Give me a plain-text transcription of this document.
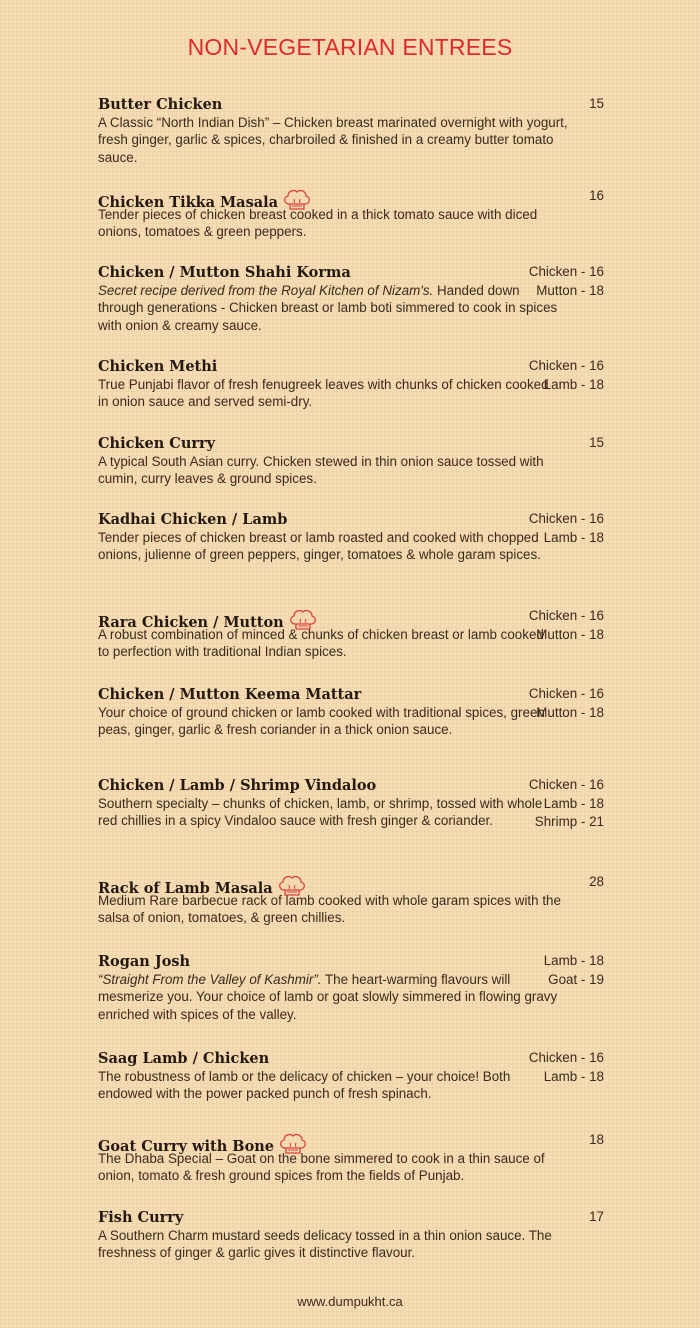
NON-VEGETARIAN ENTREES
Butter Chicken	15

A Classic “North Indian Dish” – Chicken breast marinated overnight with yogurt, fresh ginger, garlic & spices, charbroiled & finished in a creamy butter tomato sauce.

Chicken Tikka Masala	16

Tender pieces of chicken breast cooked in a thick tomato sauce with diced onions, tomatoes & green peppers.

Chicken / Mutton Shahi Korma	Chicken - 16
Mutton - 18

Secret recipe derived from the Royal Kitchen of Nizam's. Handed down through generations - Chicken breast or lamb boti simmered to cook in spices with onion & creamy sauce.

Chicken Methi	Chicken - 16
Lamb - 18

True Punjabi flavor of fresh fenugreek leaves with chunks of chicken cooked in onion sauce and served semi-dry.

Chicken Curry	15

A typical South Asian curry. Chicken stewed in thin onion sauce tossed with cumin, curry leaves & ground spices.

Kadhai Chicken / Lamb	Chicken - 16
Lamb - 18

Tender pieces of chicken breast or lamb roasted and cooked with chopped onions, julienne of green peppers, ginger, tomatoes & whole garam spices.

Rara Chicken / Mutton	Chicken - 16
Mutton - 18

A robust combination of minced & chunks of chicken breast or lamb cooked to perfection with traditional Indian spices.

Chicken / Mutton Keema Mattar	Chicken - 16
Mutton - 18

Your choice of ground chicken or lamb cooked with traditional spices, green peas, ginger, garlic & fresh coriander in a thick onion sauce.

Chicken / Lamb / Shrimp Vindaloo	Chicken - 16
Lamb - 18
Shrimp - 21

Southern specialty – chunks of chicken, lamb, or shrimp, tossed with whole red chillies in a spicy Vindaloo sauce with fresh ginger & coriander.

Rack of Lamb Masala	28

Medium Rare barbecue rack of lamb cooked with whole garam spices with the salsa of onion, tomatoes, & green chillies.

Rogan Josh	Lamb - 18
Goat - 19

“Straight From the Valley of Kashmir”. The heart-warming flavours will mesmerize you. Your choice of lamb or goat slowly simmered in flowing gravy enriched with spices of the valley.

Saag Lamb / Chicken	Chicken - 16
Lamb - 18

The robustness of lamb or the delicacy of chicken – your choice! Both endowed with the power packed punch of fresh spinach.

Goat Curry with Bone	18

The Dhaba Special – Goat on the bone simmered to cook in a thin sauce of onion, tomato & fresh ground spices from the fields of Punjab.

Fish Curry	17

A Southern Charm mustard seeds delicacy tossed in a thin onion sauce. The freshness of ginger & garlic gives it distinctive flavour.

www.dumpukht.ca
